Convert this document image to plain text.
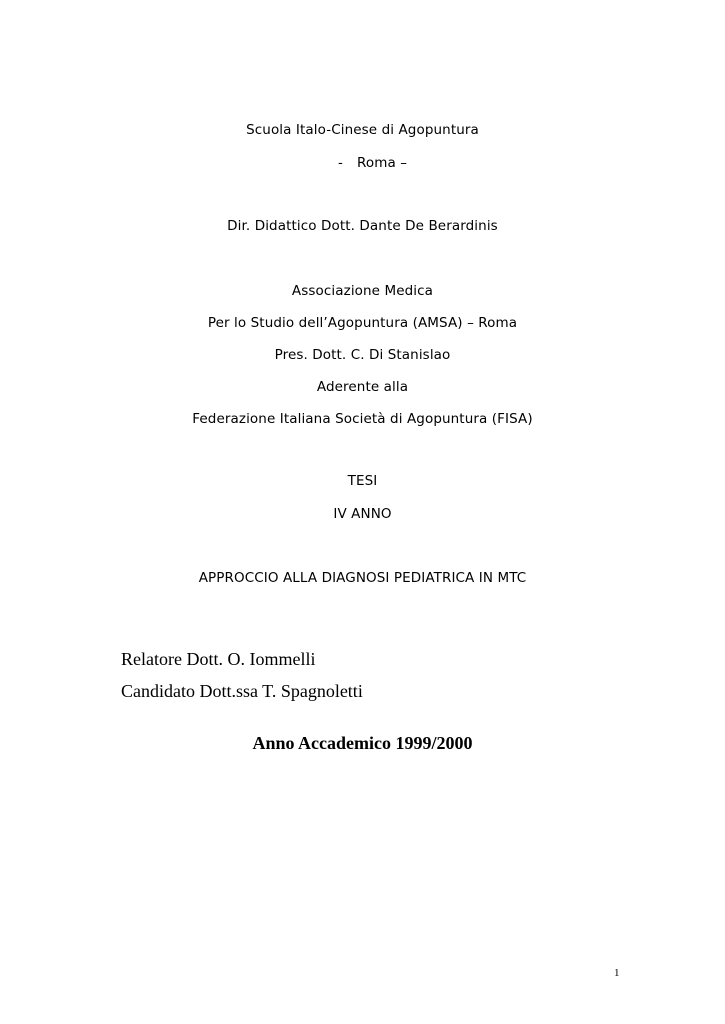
Scuola Italo-Cinese di Agopuntura
- Roma –
Dir. Didattico Dott. Dante De Berardinis
Associazione Medica
Per lo Studio dell’Agopuntura (AMSA) – Roma
Pres. Dott. C. Di Stanislao
Aderente alla
Federazione Italiana Società di Agopuntura (FISA)
TESI
IV ANNO
APPROCCIO ALLA DIAGNOSI PEDIATRICA IN MTC
Relatore Dott. O. Iommelli
Candidato Dott.ssa T. Spagnoletti
Anno Accademico 1999/2000
1
